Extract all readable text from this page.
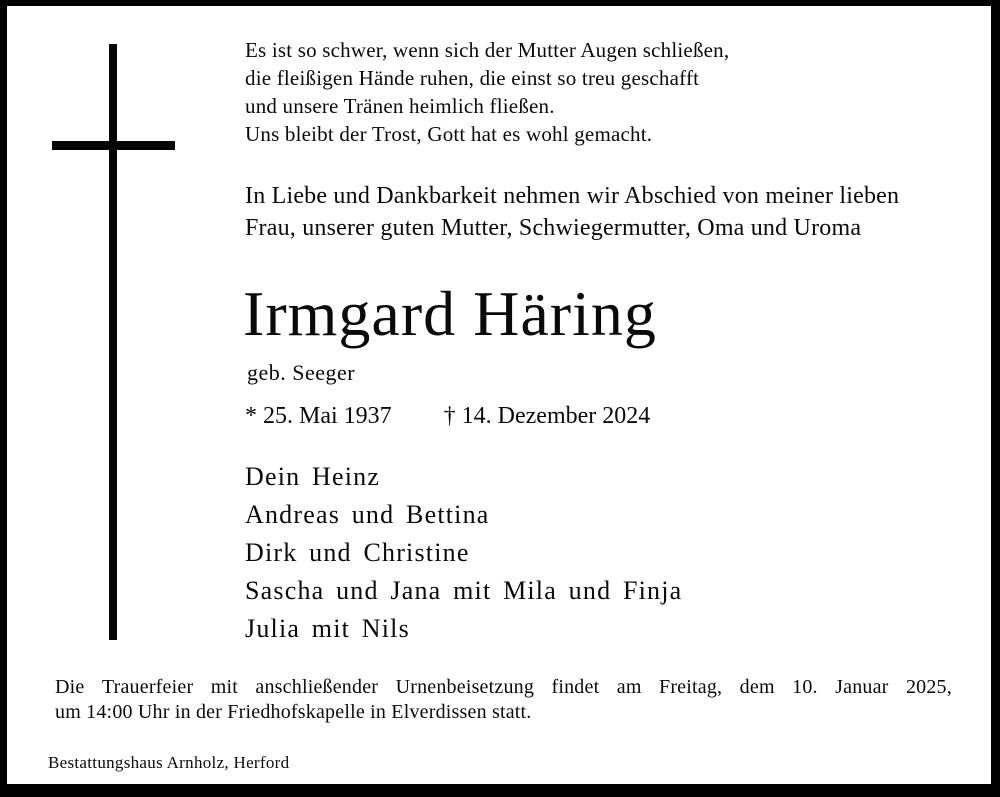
Es ist so schwer, wenn sich der Mutter Augen schließen,
die fleißigen Hände ruhen, die einst so treu geschafft
und unsere Tränen heimlich fließen.
Uns bleibt der Trost, Gott hat es wohl gemacht.
In Liebe und Dankbarkeit nehmen wir Abschied von meiner lieben
Frau, unserer guten Mutter, Schwiegermutter, Oma und Uroma
Irmgard Häring
geb. Seeger
* 25. Mai 1937 † 14. Dezember 2024
Dein Heinz
Andreas und Bettina
Dirk und Christine
Sascha und Jana mit Mila und Finja
Julia mit Nils
Die Trauerfeier mit anschließender Urnenbeisetzung findet am Freitag, dem 10. Januar 2025,
um 14:00 Uhr in der Friedhofskapelle in Elverdissen statt.
Bestattungshaus Arnholz, Herford
